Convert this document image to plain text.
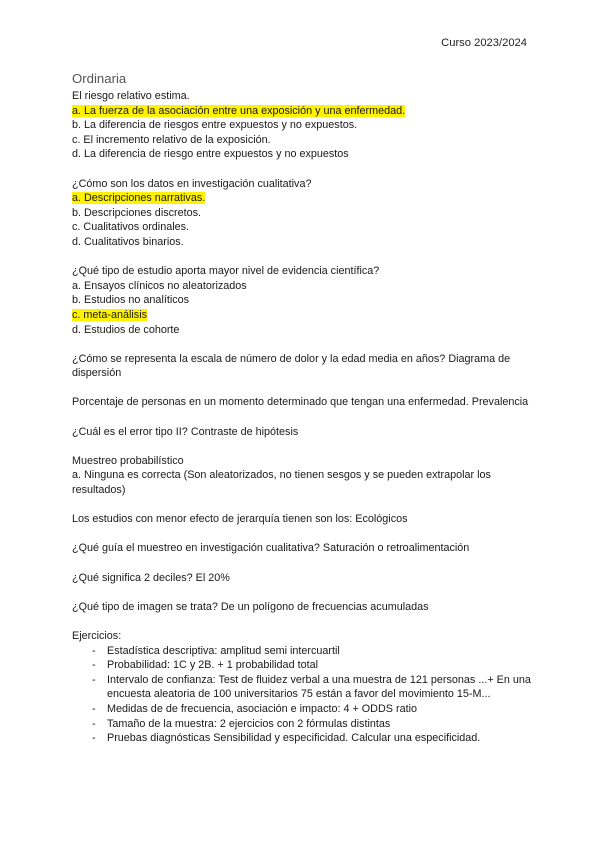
Curso 2023/2024
Ordinaria
El riesgo relativo estima.
a. La fuerza de la asociación entre una exposición y una enfermedad.
b. La diferencia de riesgos entre expuestos y no expuestos.
c. El incremento relativo de la exposición.
d. La diferencia de riesgo entre expuestos y no expuestos
¿Cómo son los datos en investigación cualitativa?
a. Descripciones narrativas.
b. Descripciones discretos.
c. Cualitativos ordinales.
d. Cualitativos binarios.
¿Qué tipo de estudio aporta mayor nivel de evidencia científica?
a. Ensayos clínicos no aleatorizados
b. Estudios no analíticos
c. meta-análisis
d. Estudios de cohorte
¿Cómo se representa la escala de número de dolor y la edad media en años? Diagrama de dispersión
Porcentaje de personas en un momento determinado que tengan una enfermedad. Prevalencia
¿Cuál es el error tipo II? Contraste de hipótesis
Muestreo probabilístico
a. Ninguna es correcta (Son aleatorizados, no tienen sesgos y se pueden extrapolar los resultados)
Los estudios con menor efecto de jerarquía tienen son los: Ecológicos
¿Qué guía el muestreo en investigación cualitativa? Saturación o retroalimentación
¿Qué significa 2 deciles? El 20%
¿Qué tipo de imagen se trata? De un polígono de frecuencias acumuladas
Ejercicios:
- Estadística descriptiva: amplitud semi intercuartil
- Probabilidad: 1C y 2B. + 1 probabilidad total
- Intervalo de confianza: Test de fluidez verbal a una muestra de 121 personas ...+ En una encuesta aleatoria de 100 universitarios 75 están a favor del movimiento 15-M...
- Medidas de de frecuencia, asociación e impacto: 4 + ODDS ratio
- Tamaño de la muestra: 2 ejercicios con 2 fórmulas distintas
- Pruebas diagnósticas Sensibilidad y especificidad. Calcular una especificidad.
